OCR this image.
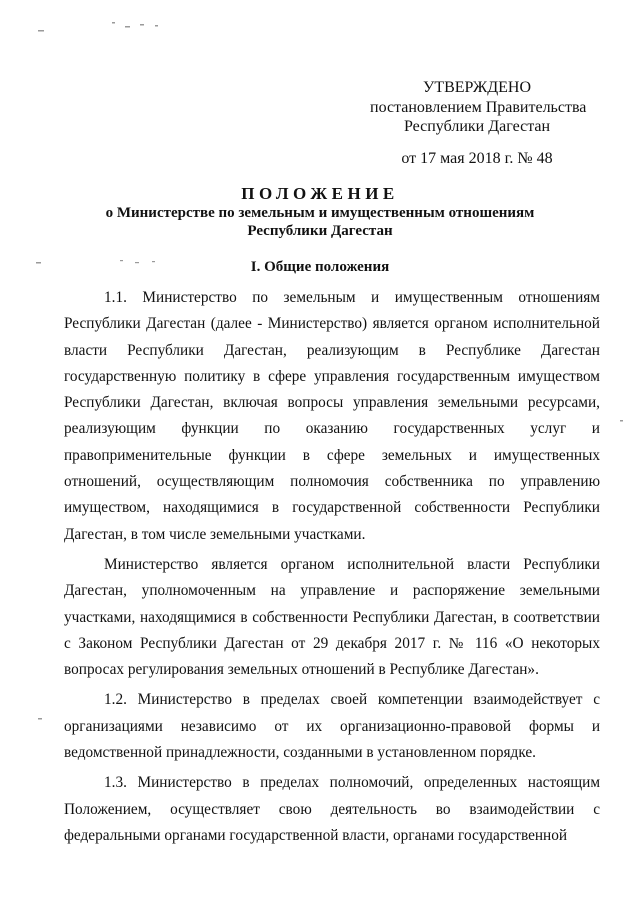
УТВЕРЖДЕНО
постановлением Правительства
Республики Дагестан
от 17 мая 2018 г. № 48
ПОЛОЖЕНИЕ
о Министерстве по земельным и имущественным отношениям
Республики Дагестан
I. Общие положения

1.1. Министерство по земельным и имущественным отношениям Республики Дагестан (далее - Министерство) является органом исполнительной власти Республики Дагестан, реализующим в Республике Дагестан государственную политику в сфере управления государственным имуществом Республики Дагестан, включая вопросы управления земельными ресурсами, реализующим функции по оказанию государственных услуг и правоприменительные функции в сфере земельных и имущественных отношений, осуществляющим полномочия собственника по управлению имуществом, находящимися в государственной собственности Республики Дагестан, в том числе земельными участками.

Министерство является органом исполнительной власти Республики Дагестан, уполномоченным на управление и распоряжение земельными участками, находящимися в собственности Республики Дагестан, в соответствии с Законом Республики Дагестан от 29 декабря 2017 г. № 116 «О некоторых вопросах регулирования земельных отношений в Республике Дагестан».

1.2. Министерство в пределах своей компетенции взаимодействует с организациями независимо от их организационно-правовой формы и ведомственной принадлежности, созданными в установленном порядке.

1.3. Министерство в пределах полномочий, определенных настоящим Положением, осуществляет свою деятельность во взаимодействии с федеральными органами государственной власти, органами государственной
